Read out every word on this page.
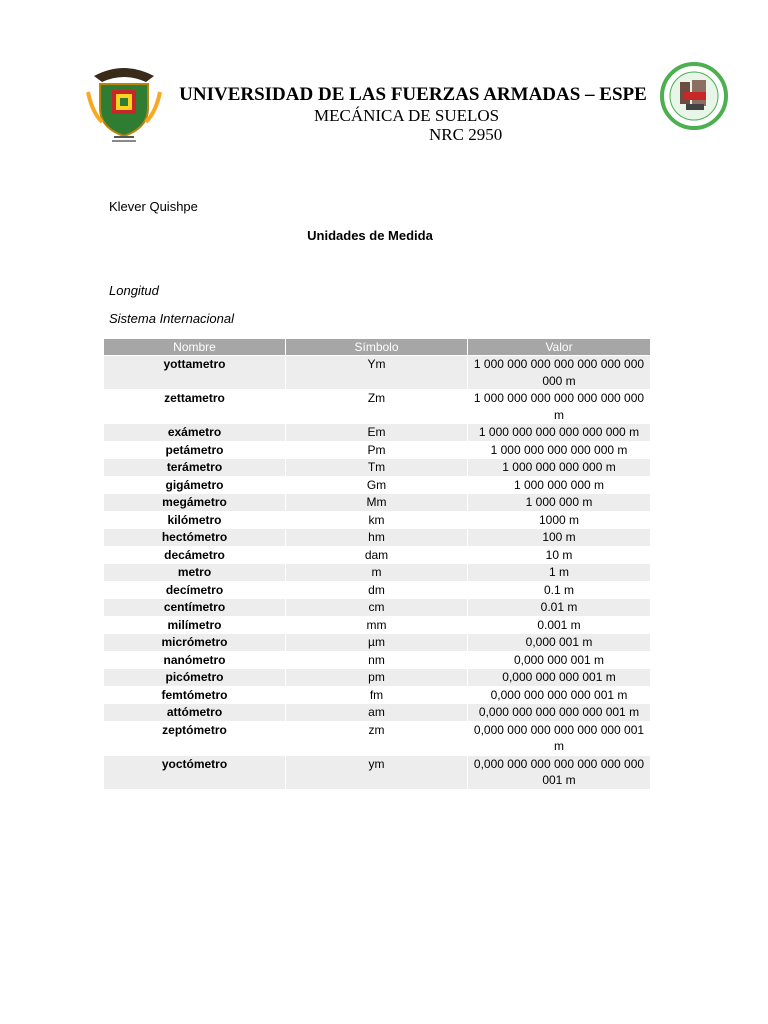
UNIVERSIDAD DE LAS FUERZAS ARMADAS – ESPE
MECÁNICA DE SUELOS
NRC 2950
Klever Quishpe
Unidades de Medida
Longitud
Sistema Internacional
Nombre	Símbolo	Valor
yottametro	Ym	1 000 000 000 000 000 000 000 000 m
zettametro	Zm	1 000 000 000 000 000 000 000 m
exámetro	Em	1 000 000 000 000 000 000 m
petámetro	Pm	1 000 000 000 000 000 m
terámetro	Tm	1 000 000 000 000 m
gigámetro	Gm	1 000 000 000 m
megámetro	Mm	1 000 000 m
kilómetro	km	1000 m
hectómetro	hm	100 m
decámetro	dam	10 m
metro	m	1 m
decímetro	dm	0.1 m
centímetro	cm	0.01 m
milímetro	mm	0.001 m
micrómetro	µm	0,000 001 m
nanómetro	nm	0,000 000 001 m
picómetro	pm	0,000 000 000 001 m
femtómetro	fm	0,000 000 000 000 001 m
attómetro	am	0,000 000 000 000 000 001 m
zeptómetro	zm	0,000 000 000 000 000 000 001 m
yoctómetro	ym	0,000 000 000 000 000 000 000 001 m
